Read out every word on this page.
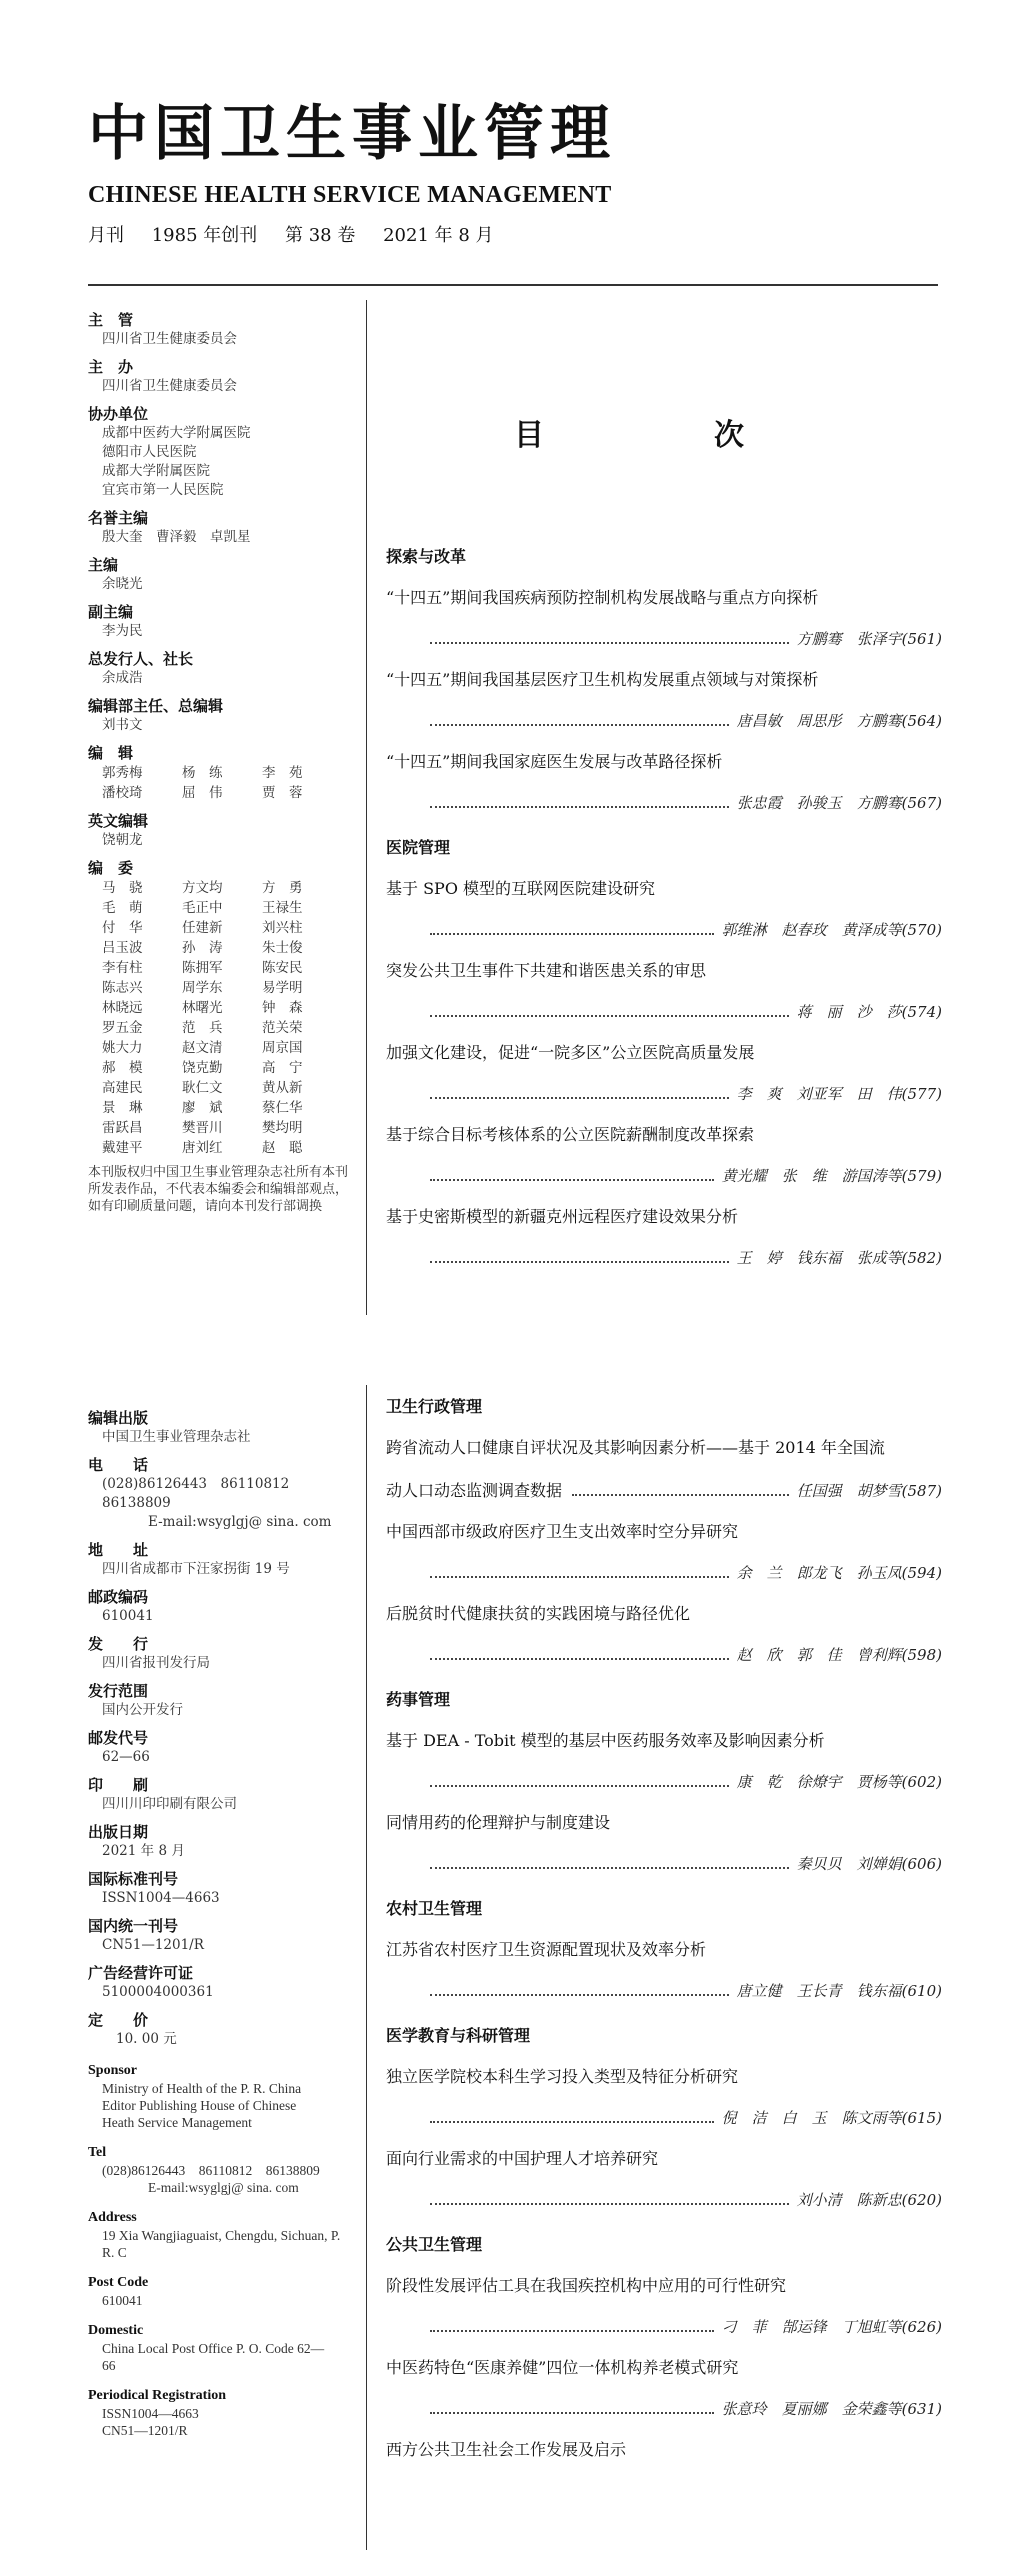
中国卫生事业管理
CHINESE HEALTH SERVICE MANAGEMENT
月刊 1985 年创刊 第 38 卷 2021 年 8 月
主　管
四川省卫生健康委员会
主　办
四川省卫生健康委员会
协办单位
成都中医药大学附属医院
德阳市人民医院
成都大学附属医院
宜宾市第一人民医院
名誉主编
殷大奎　曹泽毅　卓凯星
主编
余晓光
副主编
李为民
总发行人、社长
余成浩
编辑部主任、总编辑
刘书文
编　辑
郭秀梅	杨　练	李　苑
潘校琦	屈　伟	贾　蓉
英文编辑
饶朝龙
编　委
马　骁	方文均	方　勇
毛　萌	毛正中	王禄生
付　华	任建新	刘兴柱
吕玉波	孙　涛	朱士俊
李有柱	陈拥军	陈安民
陈志兴	周学东	易学明
林晓远	林曙光	钟　森
罗五金	范　兵	范关荣
姚大力	赵文清	周京国
郝　模	饶克勤	高　宁
高建民	耿仁文	黄从新
景　琳	廖　斌	蔡仁华
雷跃昌	樊晋川	樊均明
戴建平	唐刘红	赵　聪
本刊版权归中国卫生事业管理杂志社所有本刊所发表作品，不代表本编委会和编辑部观点，如有印刷质量问题，请向本刊发行部调换
编辑出版
中国卫生事业管理杂志社
电　　话
(028)86126443　86110812　86138809
E-mail:wsyglgj@ sina. com
地　　址
四川省成都市下汪家拐街 19 号
邮政编码
610041
发　　行
四川省报刊发行局
发行范围
国内公开发行
邮发代号
62—66
印　　刷
四川川印印刷有限公司
出版日期
2021 年 8 月
国际标准刊号
ISSN1004—4663
国内统一刊号
CN51—1201/R
广告经营许可证
5100004000361
定　　价
10. 00 元
Sponsor
Ministry of Health of the P. R. China
Editor Publishing House of Chinese
Heath Service Management
Tel
(028)86126443　86110812　86138809
E-mail:wsyglgj@ sina. com
Address
19 Xia Wangjiaguaist, Chengdu, Sichuan, P.
R. C
Post Code
610041
Domestic
China Local Post Office P. O. Code 62—
66
Periodical Registration
ISSN1004—4663
CN51—1201/R
目　次
探索与改革
“十四五”期间我国疾病预防控制机构发展战略与重点方向探析
方鹏骞　张泽宇(561)
“十四五”期间我国基层医疗卫生机构发展重点领域与对策探析
唐昌敏　周思彤　方鹏骞(564)
“十四五”期间我国家庭医生发展与改革路径探析
张忠霞　孙骏玉　方鹏骞(567)
医院管理
基于 SPO 模型的互联网医院建设研究
郭维淋　赵春玫　黄泽成等(570)
突发公共卫生事件下共建和谐医患关系的审思
蒋　丽　沙　莎(574)
加强文化建设，促进“一院多区”公立医院高质量发展
李　爽　刘亚军　田　伟(577)
基于综合目标考核体系的公立医院薪酬制度改革探索
黄光耀　张　维　游国涛等(579)
基于史密斯模型的新疆克州远程医疗建设效果分析
王　婷　钱东福　张成等(582)
卫生行政管理
跨省流动人口健康自评状况及其影响因素分析——基于 2014 年全国流
动人口动态监测调查数据	任国强　胡梦雪(587)
中国西部市级政府医疗卫生支出效率时空分异研究
余　兰　郎龙飞　孙玉凤(594)
后脱贫时代健康扶贫的实践困境与路径优化
赵　欣　郭　佳　曾利辉(598)
药事管理
基于 DEA - Tobit 模型的基层中医药服务效率及影响因素分析
康　乾　徐燎宇　贾杨等(602)
同情用药的伦理辩护与制度建设
秦贝贝　刘婵娟(606)
农村卫生管理
江苏省农村医疗卫生资源配置现状及效率分析
唐立健　王长青　钱东福(610)
医学教育与科研管理
独立医学院校本科生学习投入类型及特征分析研究
倪　洁　白　玉　陈文雨等(615)
面向行业需求的中国护理人才培养研究
刘小清　陈新忠(620)
公共卫生管理
阶段性发展评估工具在我国疾控机构中应用的可行性研究
刁　菲　郜运锋　丁旭虹等(626)
中医药特色“医康养健”四位一体机构养老模式研究
张意玲　夏丽娜　金荣鑫等(631)
西方公共卫生社会工作发展及启示
